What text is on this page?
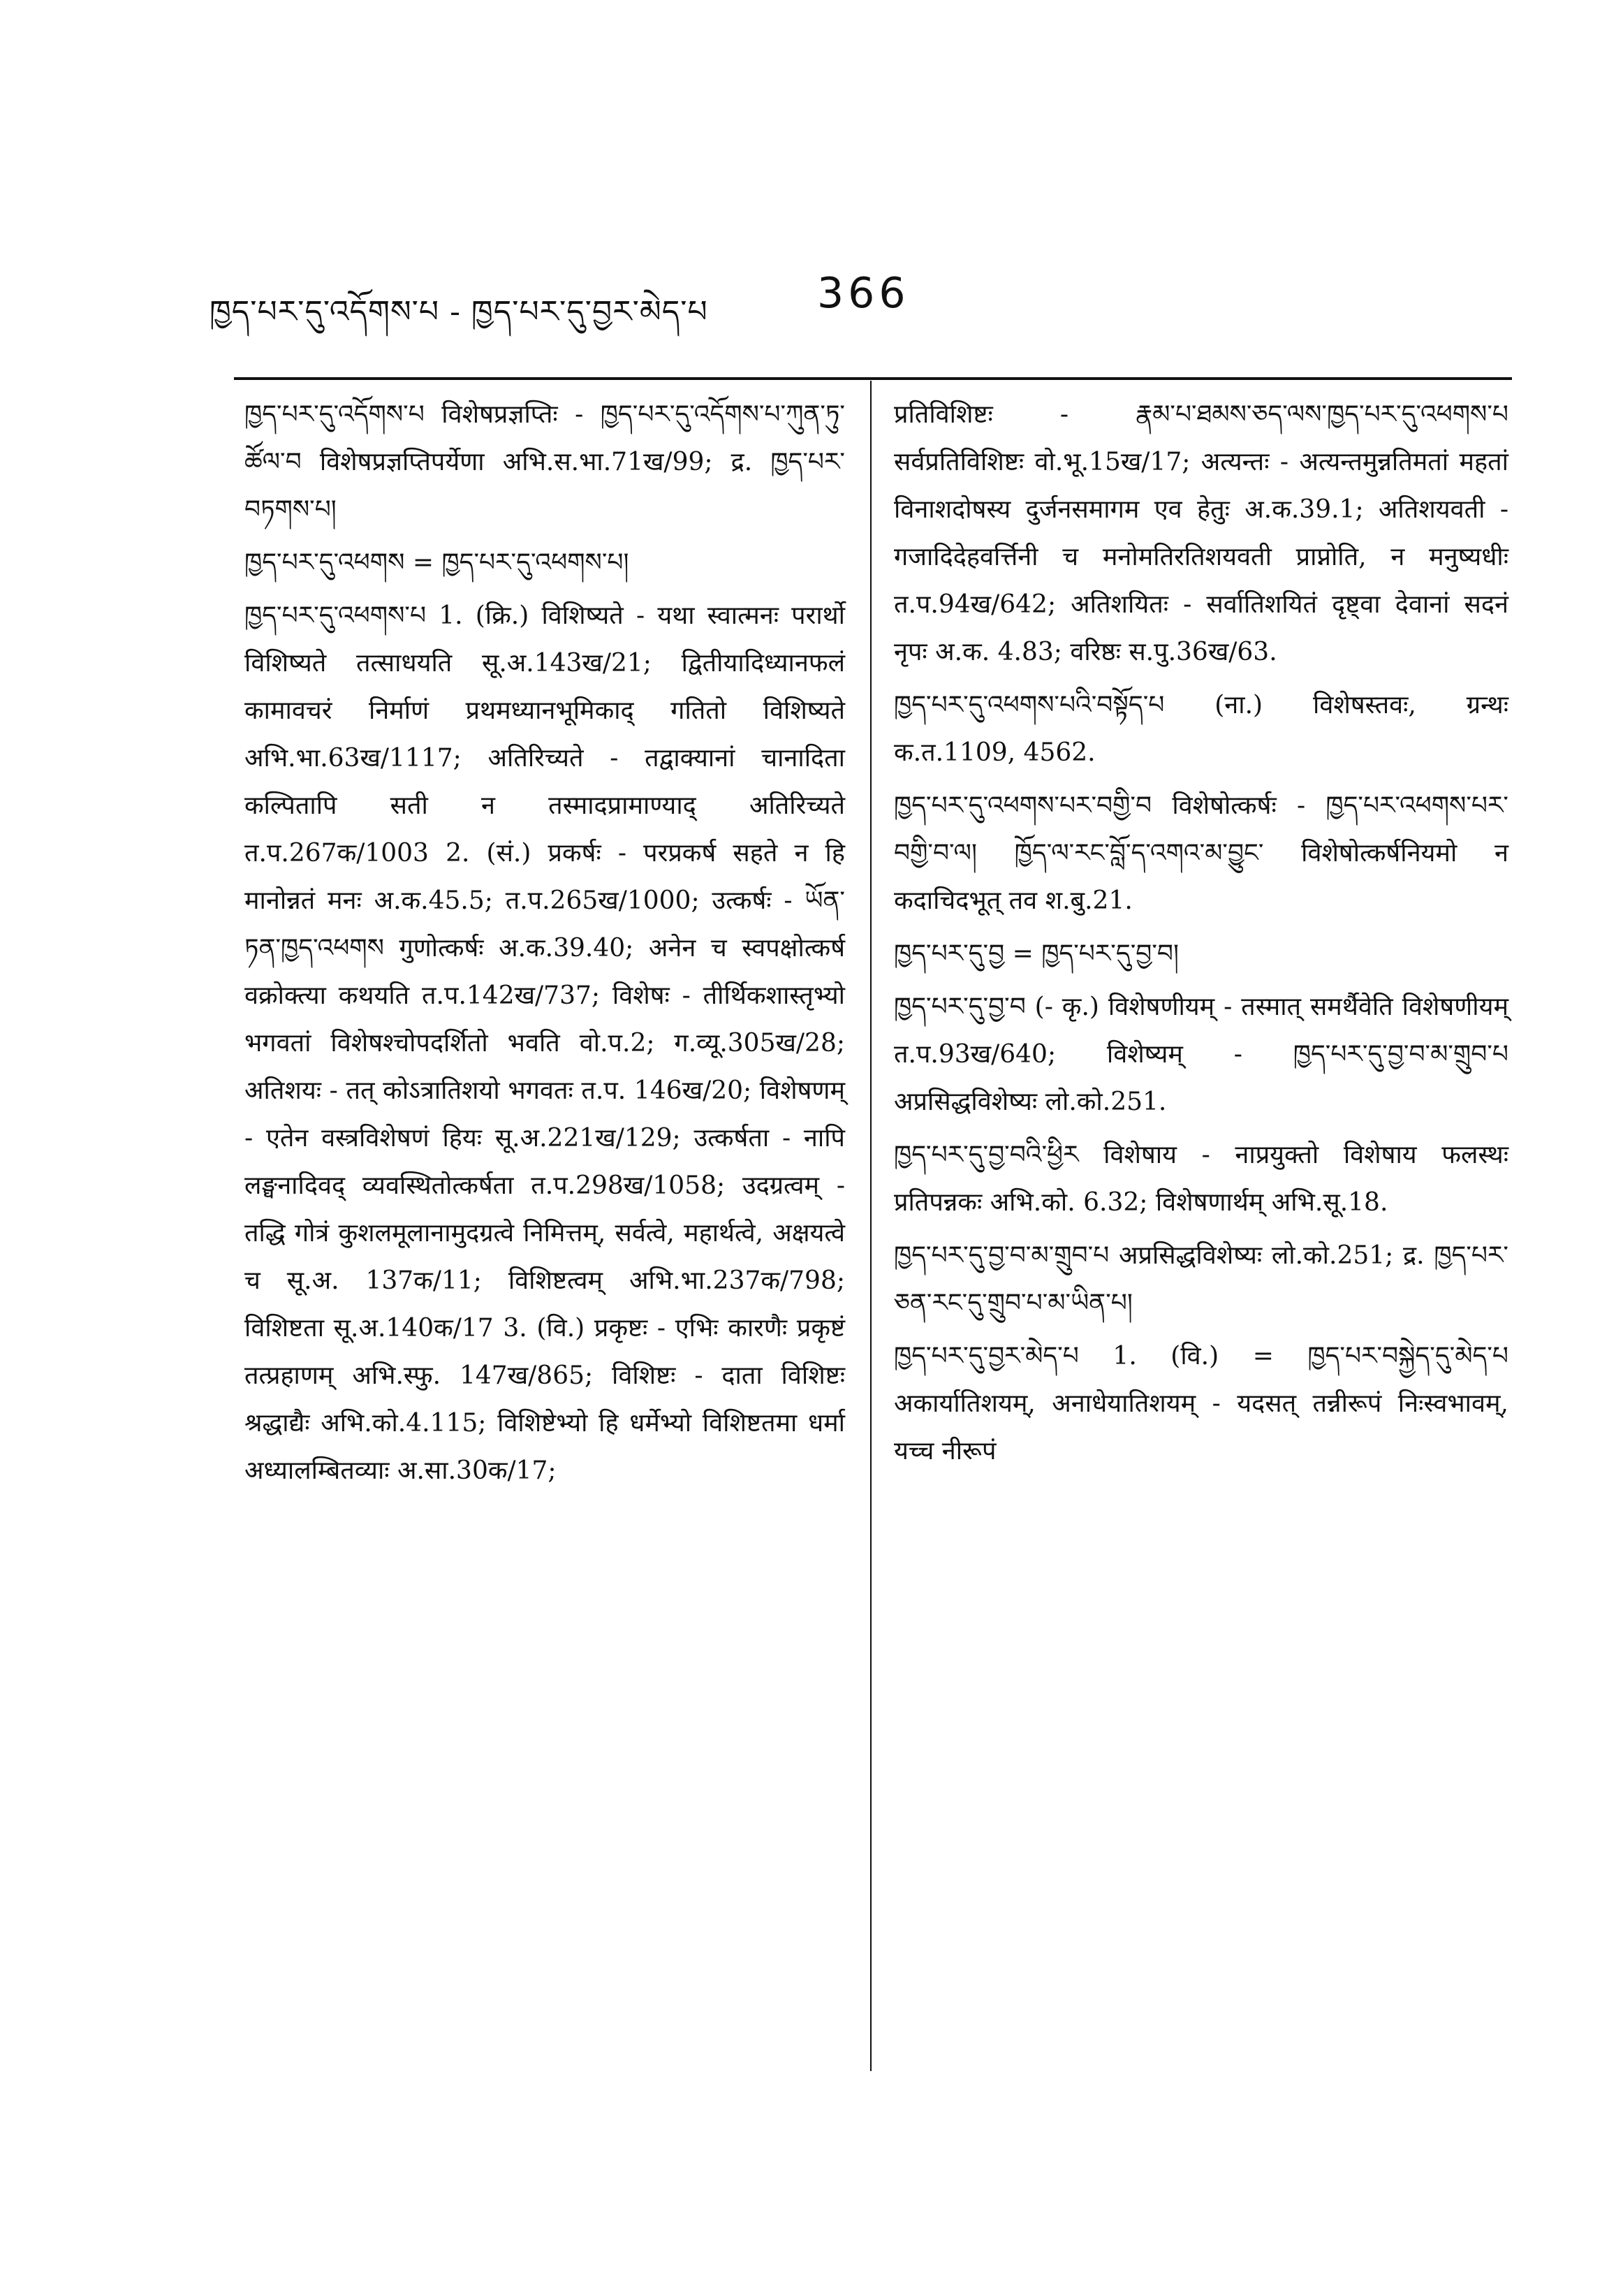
ཁྱད་པར་དུ་འདོགས་པ - ཁྱད་པར་དུ་བྱར་མེད་པ	366

ཁྱད་པར་དུ་འདོགས་པ विशेषप्रज्ञप्तिः - ཁྱད་པར་དུ་འདོགས་པ་ཀུན་ཏུ་ཚོལ་བ विशेषप्रज्ञप्तिपर्येणा अभि.स.भा.71ख/99; द्र. ཁྱད་པར་བཏགས་པ།

ཁྱད་པར་དུ་འཕགས = ཁྱད་པར་དུ་འཕགས་པ།

ཁྱད་པར་དུ་འཕགས་པ 1. (क्रि.) विशिष्यते - यथा स्वात्मनः परार्थो विशिष्यते तत्साधयति सू.अ.143ख/21; द्वितीयादिध्यानफलं कामावचरं निर्माणं प्रथमध्यानभूमिकाद् गतितो विशिष्यते अभि.भा.63ख/1117; अतिरिच्यते - तद्वाक्यानां चानादिता कल्पितापि सती न तस्मादप्रामाण्याद् अतिरिच्यते त.प.267क/1003 2. (सं.) प्रकर्षः - परप्रकर्ष सहते न हि मानोन्नतं मनः अ.क.45.5; त.प.265ख/1000; उत्कर्षः - ཡོན་ཏན་ཁྱད་འཕགས गुणोत्कर्षः अ.क.39.40; अनेन च स्वपक्षोत्कर्ष वक्रोक्त्या कथयति त.प.142ख/737; विशेषः - तीर्थिकशास्तृभ्यो भगवतां विशेषश्चोपदर्शितो भवति वो.प.2; ग.व्यू.305ख/28; अतिशयः - तत् कोऽत्रातिशयो भगवतः त.प. 146ख/20; विशेषणम् - एतेन वस्त्रविशेषणं हियः सू.अ.221ख/129; उत्कर्षता - नापि लङ्घनादिवद् व्यवस्थितोत्कर्षता त.प.298ख/1058; उदग्रत्वम् - तद्धि गोत्रं कुशलमूलानामुदग्रत्वे निमित्तम्, सर्वत्वे, महार्थत्वे, अक्षयत्वे च सू.अ. 137क/11; विशिष्टत्वम् अभि.भा.237क/798; विशिष्टता सू.अ.140क/17 3. (वि.) प्रकृष्टः - एभिः कारणैः प्रकृष्टं तत्प्रहाणम् अभि.स्फु. 147ख/865; विशिष्टः - दाता विशिष्टः श्रद्धाद्यैः अभि.को.4.115; विशिष्टेभ्यो हि धर्मेभ्यो विशिष्टतमा धर्मा अध्यालम्बितव्याः अ.सा.30क/17;

प्रतिविशिष्टः - རྣམ་པ་ཐམས་ཅད་ལས་ཁྱད་པར་དུ་འཕགས་པ सर्वप्रतिविशिष्टः वो.भू.15ख/17; अत्यन्तः - अत्यन्तमुन्नतिमतां महतां विनाशदोषस्य दुर्जनसमागम एव हेतुः अ.क.39.1; अतिशयवती - गजादिदेहवर्त्तिनी च मनोमतिरतिशयवती प्राप्नोति, न मनुष्यधीः त.प.94ख/642; अतिशयितः - सर्वातिशयितं दृष्ट्वा देवानां सदनं नृपः अ.क. 4.83; वरिष्ठः स.पु.36ख/63.

ཁྱད་པར་དུ་འཕགས་པའི་བསྟོད་པ (ना.) विशेषस्तवः, ग्रन्थः क.त.1109, 4562.

ཁྱད་པར་དུ་འཕགས་པར་བགྱི་བ विशेषोत्कर्षः - ཁྱད་པར་འཕགས་པར་བགྱི་བ་ལ། ཁྱོད་ལ་རང་བློ་ད་འགའ་མ་བྱུང་ विशेषोत्कर्षनियमो न कदाचिदभूत् तव श.बु.21.

ཁྱད་པར་དུ་བྱ = ཁྱད་པར་དུ་བྱ་བ།

ཁྱད་པར་དུ་བྱ་བ (- कृ.) विशेषणीयम् - तस्मात् समर्थैवेति विशेषणीयम् त.प.93ख/640; विशेष्यम् - ཁྱད་པར་དུ་བྱ་བ་མ་གྲུབ་པ अप्रसिद्धविशेष्यः लो.को.251.

ཁྱད་པར་དུ་བྱ་བའི་ཕྱིར विशेषाय - नाप्रयुक्तो विशेषाय फलस्थः प्रतिपन्नकः अभि.को. 6.32; विशेषणार्थम् अभि.सू.18.

ཁྱད་པར་དུ་བྱ་བ་མ་གྲུབ་པ अप्रसिद्धविशेष्यः लो.को.251; द्र. ཁྱད་པར་ཅན་རང་དུ་གྲུབ་པ་མ་ཡིན་པ།

ཁྱད་པར་དུ་བྱར་མེད་པ 1. (वि.) = ཁྱད་པར་བསྐྱེད་དུ་མེད་པ अकार्यातिशयम्, अनाधेयातिशयम् - यदसत् तन्नीरूपं निःस्वभावम्, यच्च नीरूपं
